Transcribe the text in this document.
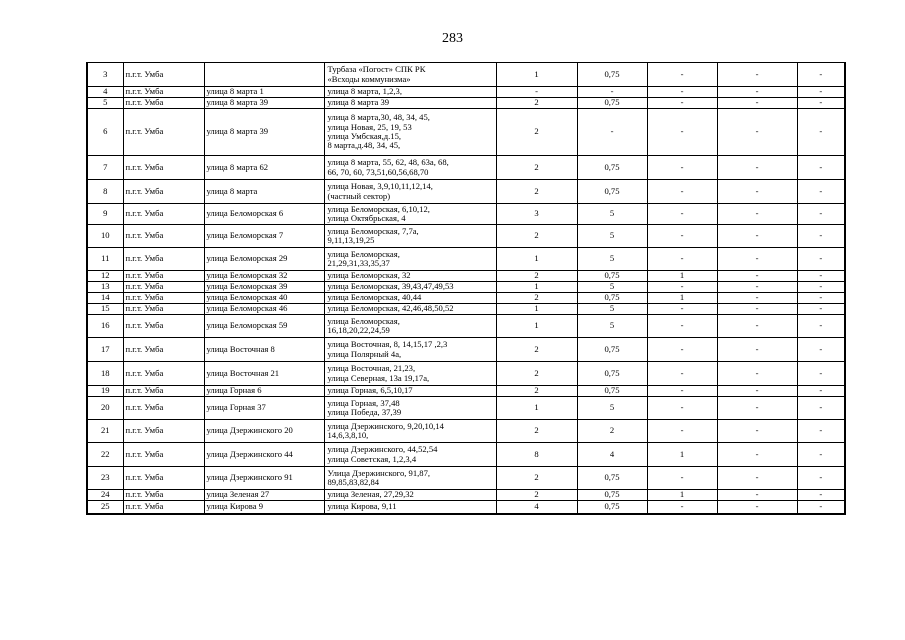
283
3	п.г.т. Умба		Турбаза «Погост» СПК РК
«Всходы коммунизма»	1	0,75	-	-	-
4	п.г.т. Умба	улица 8 марта 1	улица 8 марта, 1,2,3,	-	-	-	-	-
5	п.г.т. Умба	улица 8 марта 39	улица 8 марта 39	2	0,75	-	-	-
6	п.г.т. Умба	улица 8 марта 39	улица 8 марта,30, 48, 34, 45,
улица Новая, 25, 19, 53
улица Умбская,д.15,
8 марта,д.48, 34, 45,	2	-	-	-	-
7	п.г.т. Умба	улица 8 марта 62	улица 8 марта, 55, 62, 48, 63а, 68,
66, 70, 60, 73,51,60,56,68,70	2	0,75	-	-	-
8	п.г.т. Умба	улица 8 марта	улица Новая, 3,9,10,11,12,14,
(частный сектор)	2	0,75	-	-	-
9	п.г.т. Умба	улица Беломорская 6	улица Беломорская, 6,10,12,
улица Октябрьская, 4	3	5	-	-	-
10	п.г.т. Умба	улица Беломорская 7	улица Беломорская, 7,7а,
9,11,13,19,25	2	5	-	-	-
11	п.г.т. Умба	улица Беломорская 29	улица Беломорская,
21,29,31,33,35,37	1	5	-	-	-
12	п.г.т. Умба	улица Беломорская 32	улица Беломорская, 32	2	0,75	1	-	-
13	п.г.т. Умба	улица Беломорская 39	улица Беломорская, 39,43,47,49,53	1	5	-	-	-
14	п.г.т. Умба	улица Беломорская 40	улица Беломорская, 40,44	2	0,75	1	-	-
15	п.г.т. Умба	улица Беломорская 46	улица Беломорская, 42,46,48,50,52	1	5	-	-	-
16	п.г.т. Умба	улица Беломорская 59	улица Беломорская,
16,18,20,22,24,59	1	5	-	-	-
17	п.г.т. Умба	улица Восточная 8	улица Восточная, 8, 14,15,17 ,2,3
улица Полярный 4а,	2	0,75	-	-	-
18	п.г.т. Умба	улица Восточная 21	улица Восточная, 21,23,
улица Северная, 13а 19,17а,	2	0,75	-	-	-
19	п.г.т. Умба	улица Горная 6	улица Горная, 6,5,10,17	2	0,75	-	-	-
20	п.г.т. Умба	улица Горная 37	улица Горная, 37,48
улица Победа, 37,39	1	5	-	-	-
21	п.г.т. Умба	улица Дзержинского 20	улица Дзержинского, 9,20,10,14
14,6,3,8,10,	2	2	-	-	-
22	п.г.т. Умба	улица Дзержинского 44	улица Дзержинского, 44,52,54
улица Советская, 1,2,3,4	8	4	1	-	-
23	п.г.т. Умба	улица Дзержинского 91	Улица Дзержинского, 91,87,
89,85,83,82,84	2	0,75	-	-	-
24	п.г.т. Умба	улица Зеленая 27	улица Зеленая, 27,29,32	2	0,75	1	-	-
25	п.г.т. Умба	улица Кирова 9	улица Кирова, 9,11	4	0,75	-	-	-
